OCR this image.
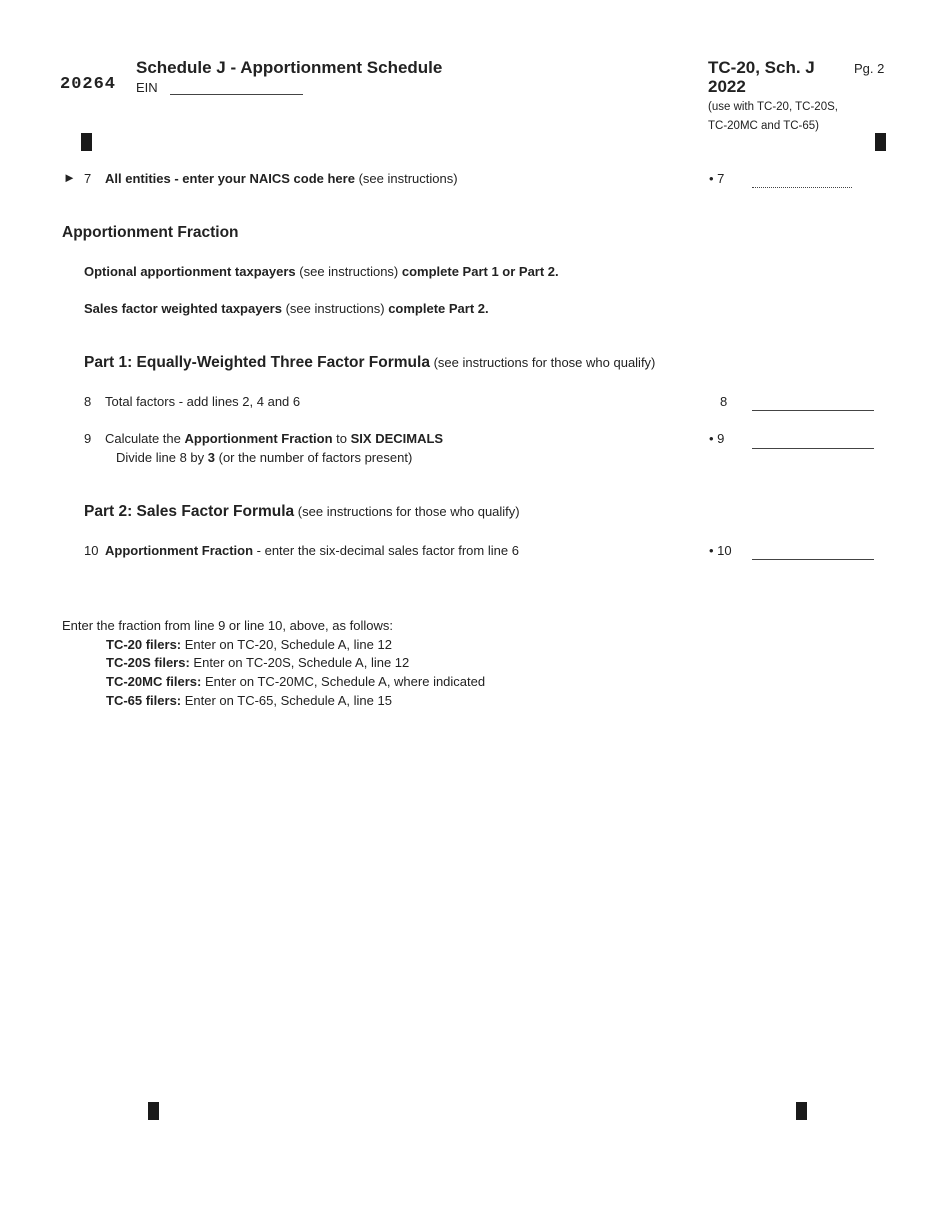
20264
Schedule J - Apportionment Schedule
EIN
TC-20, Sch. J
2022
Pg. 2
(use with TC-20, TC-20S,
TC-20MC and TC-65)
► 7 All entities - enter your NAICS code here (see instructions)	• 7
Apportionment Fraction
Optional apportionment taxpayers (see instructions) complete Part 1 or Part 2.
Sales factor weighted taxpayers (see instructions) complete Part 2.
Part 1: Equally-Weighted Three Factor Formula (see instructions for those who qualify)
8 Total factors - add lines 2, 4 and 6	8
9 Calculate the Apportionment Fraction to SIX DECIMALS
Divide line 8 by 3 (or the number of factors present)
• 9
Part 2: Sales Factor Formula (see instructions for those who qualify)
10 Apportionment Fraction - enter the six-decimal sales factor from line 6	• 10
Enter the fraction from line 9 or line 10, above, as follows:
TC-20 filers: Enter on TC-20, Schedule A, line 12
TC-20S filers: Enter on TC-20S, Schedule A, line 12
TC-20MC filers: Enter on TC-20MC, Schedule A, where indicated
TC-65 filers: Enter on TC-65, Schedule A, line 15
